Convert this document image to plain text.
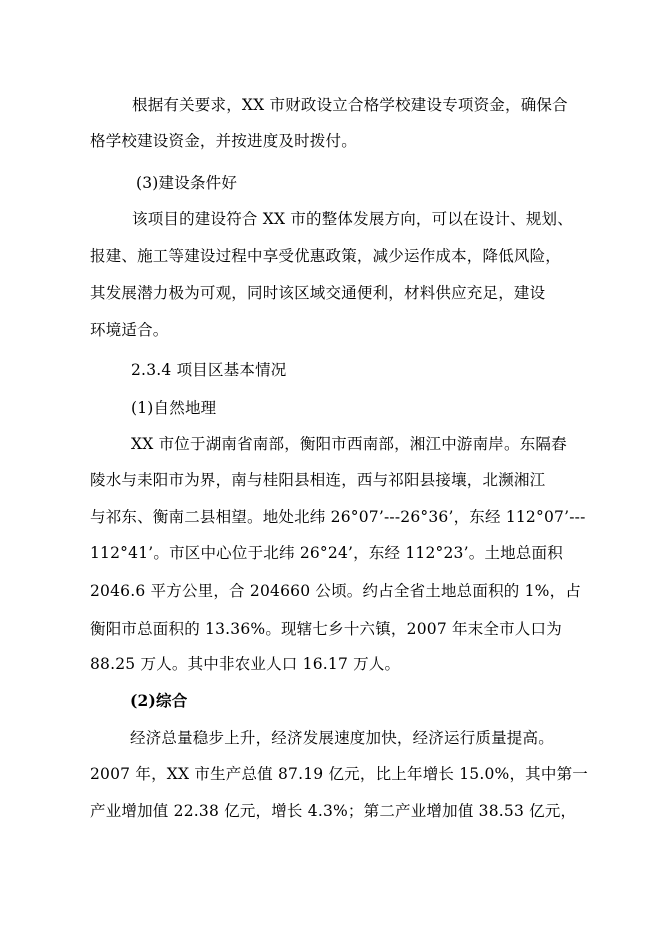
根据有关要求，XX 市财政设立合格学校建设专项资金，确保合
格学校建设资金，并按进度及时拨付。
(3)建设条件好
该项目的建设符合 XX 市的整体发展方向，可以在设计、规划、
报建、施工等建设过程中享受优惠政策，减少运作成本，降低风险，
其发展潜力极为可观，同时该区域交通便利，材料供应充足，建设
环境适合。
2.3.4 项目区基本情况
(1)自然地理
XX 市位于湖南省南部，衡阳市西南部，湘江中游南岸。东隔舂
陵水与耒阳市为界，南与桂阳县相连，西与祁阳县接壤，北濒湘江
与祁东、衡南二县相望。地处北纬 26°07’---26°36’，东经 112°07’---
112°41’。市区中心位于北纬 26°24’，东经 112°23’。土地总面积
2046.6 平方公里，合 204660 公顷。约占全省土地总面积的 1%，占
衡阳市总面积的 13.36%。现辖七乡十六镇，2007 年末全市人口为
88.25 万人。其中非农业人口 16.17 万人。
(2)综合
经济总量稳步上升，经济发展速度加快，经济运行质量提高。
2007 年，XX 市生产总值 87.19 亿元，比上年增长 15.0%，其中第一
产业增加值 22.38 亿元，增长 4.3%；第二产业增加值 38.53 亿元，
